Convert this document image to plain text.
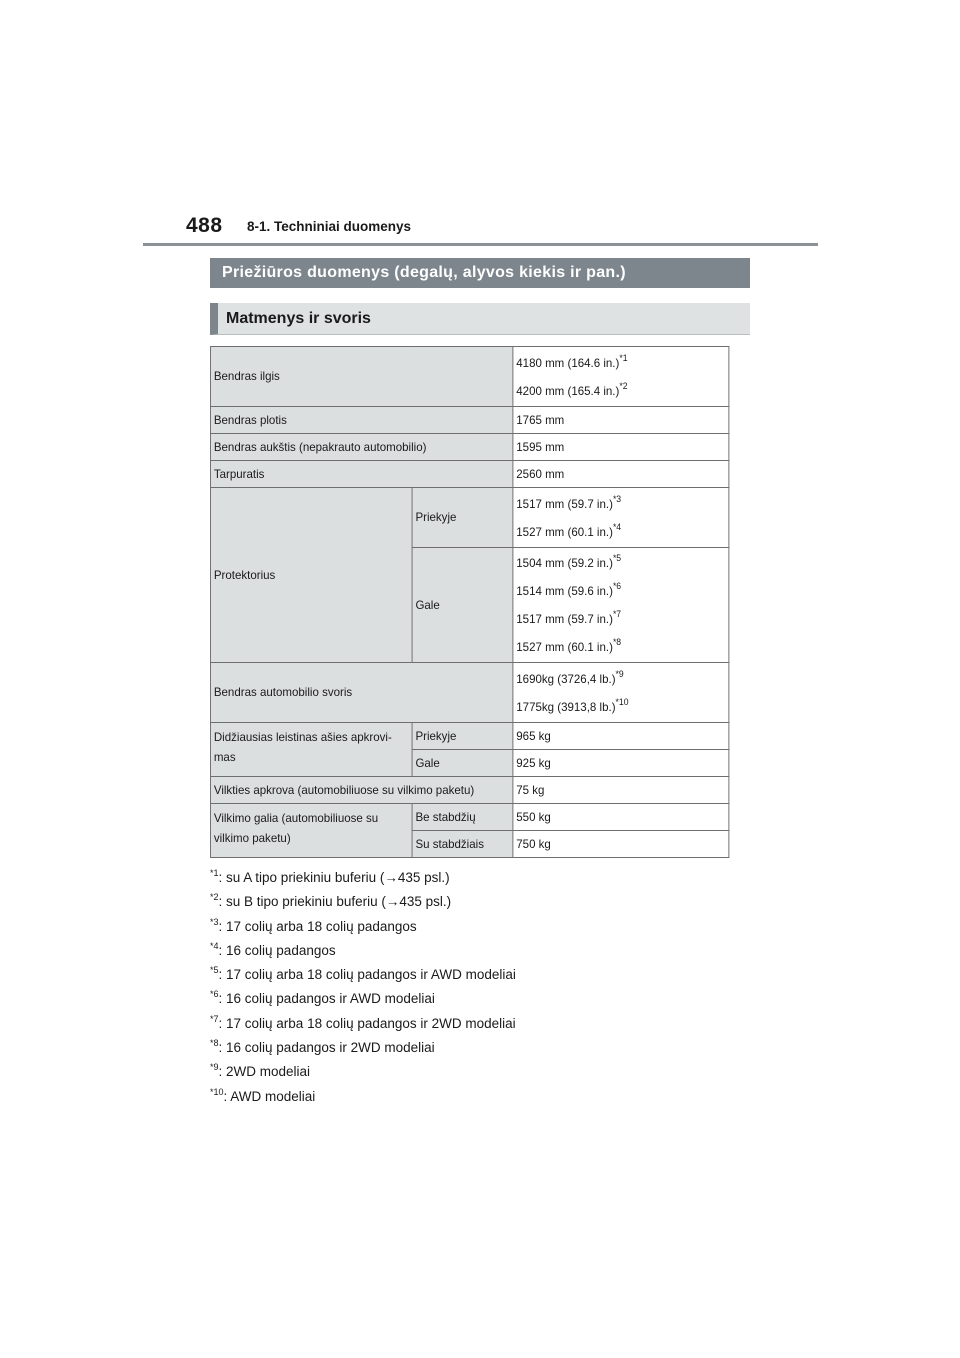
488 8-1. Techniniai duomenys
Priežiūros duomenys (degalų, alyvos kiekis ir pan.)
Matmenys ir svoris
Bendras ilgis		4180 mm (164.6 in.)$^{*1}$
4200 mm (165.4 in.)$^{*2}$

Bendras plotis		1765 mm
Bendras aukštis (nepakrauto automobilio)		1595 mm
Tarpuratis		2560 mm
Protektorius	Priekyje	1517 mm (59.7 in.)$^{*3}$
1527 mm (60.1 in.)$^{*4}$

	Gale	1504 mm (59.2 in.)$^{*5}$
1514 mm (59.6 in.)$^{*6}$
1517 mm (59.7 in.)$^{*7}$
1527 mm (60.1 in.)$^{*8}$

Bendras automobilio svoris		1690kg (3726,4 lb.)$^{*9}$
1775kg (3913,8 lb.)$^{*10}$

Didžiausias leistinas ašies apkrovi-
mas	Priekyje	965 kg
	Gale	925 kg
Vilkties apkrova (automobiliuose su vilkimo paketu)		75 kg

Vilkimo galia (automobiliuose su
vilkimo paketu)	Be stabdžių	550 kg
	Su stabdžiais	750 kg
$^{*1}$: su A tipo priekiniu buferiu (→435 psl.)
$^{*2}$: su B tipo priekiniu buferiu (→435 psl.)
$^{*3}$: 17 colių arba 18 colių padangos
$^{*4}$: 16 colių padangos
$^{*5}$: 17 colių arba 18 colių padangos ir AWD modeliai
$^{*6}$: 16 colių padangos ir AWD modeliai
$^{*7}$: 17 colių arba 18 colių padangos ir 2WD modeliai
$^{*8}$: 16 colių padangos ir 2WD modeliai
$^{*9}$: 2WD modeliai
$^{*10}$: AWD modeliai
